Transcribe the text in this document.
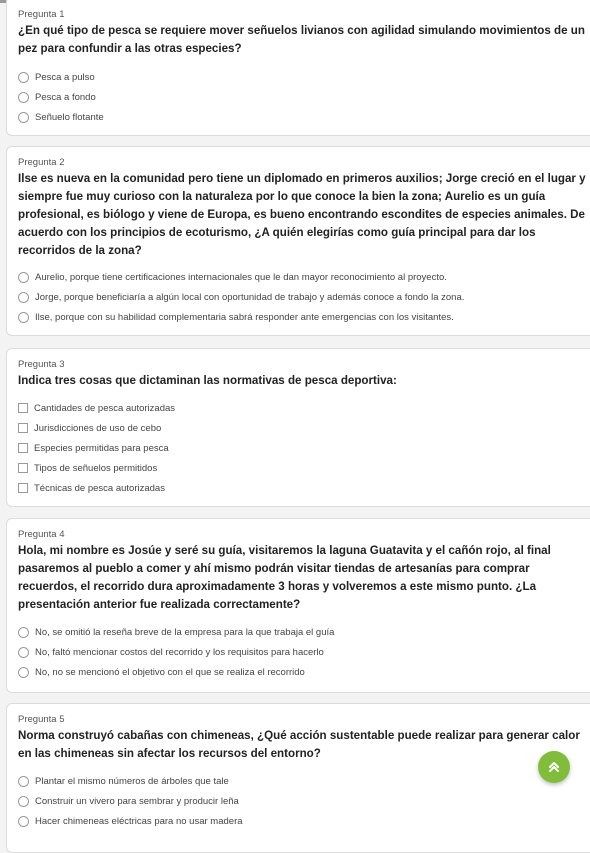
Pregunta 1

¿En qué tipo de pesca se requiere mover señuelos livianos con agilidad simulando movimientos de un pez para confundir a las otras especies?
Pesca a pulso
Pesca a fondo
Señuelo flotante

Pregunta 2

Ilse es nueva en la comunidad pero tiene un diplomado en primeros auxilios; Jorge creció en el lugar y siempre fue muy curioso con la naturaleza por lo que conoce la bien la zona; Aurelio es un guía profesional, es biólogo y viene de Europa, es bueno encontrando escondites de especies animales. De acuerdo con los principios de ecoturismo, ¿A quién elegirías como guía principal para dar los recorridos de la zona?
Aurelio, porque tiene certificaciones internacionales que le dan mayor reconocimiento al proyecto.
Jorge, porque beneficiaría a algún local con oportunidad de trabajo y además conoce a fondo la zona.
Ilse, porque con su habilidad complementaria sabrá responder ante emergencias con los visitantes.

Pregunta 3

Indica tres cosas que dictaminan las normativas de pesca deportiva:
Cantidades de pesca autorizadas
Jurisdicciones de uso de cebo
Especies permitidas para pesca
Tipos de señuelos permitidos
Técnicas de pesca autorizadas

Pregunta 4

Hola, mi nombre es Josúe y seré su guía, visitaremos la laguna Guatavita y el cañón rojo, al final pasaremos al pueblo a comer y ahí mismo podrán visitar tiendas de artesanías para comprar recuerdos, el recorrido dura aproximadamente 3 horas y volveremos a este mismo punto. ¿La presentación anterior fue realizada correctamente?
No, se omitió la reseña breve de la empresa para la que trabaja el guía
No, faltó mencionar costos del recorrido y los requisitos para hacerlo
No, no se mencionó el objetivo con el que se realiza el recorrido

Pregunta 5

Norma construyó cabañas con chimeneas, ¿Qué acción sustentable puede realizar para generar calor en las chimeneas sin afectar los recursos del entorno?
Plantar el mismo números de árboles que tale
Construir un vivero para sembrar y producir leña
Hacer chimeneas eléctricas para no usar madera
